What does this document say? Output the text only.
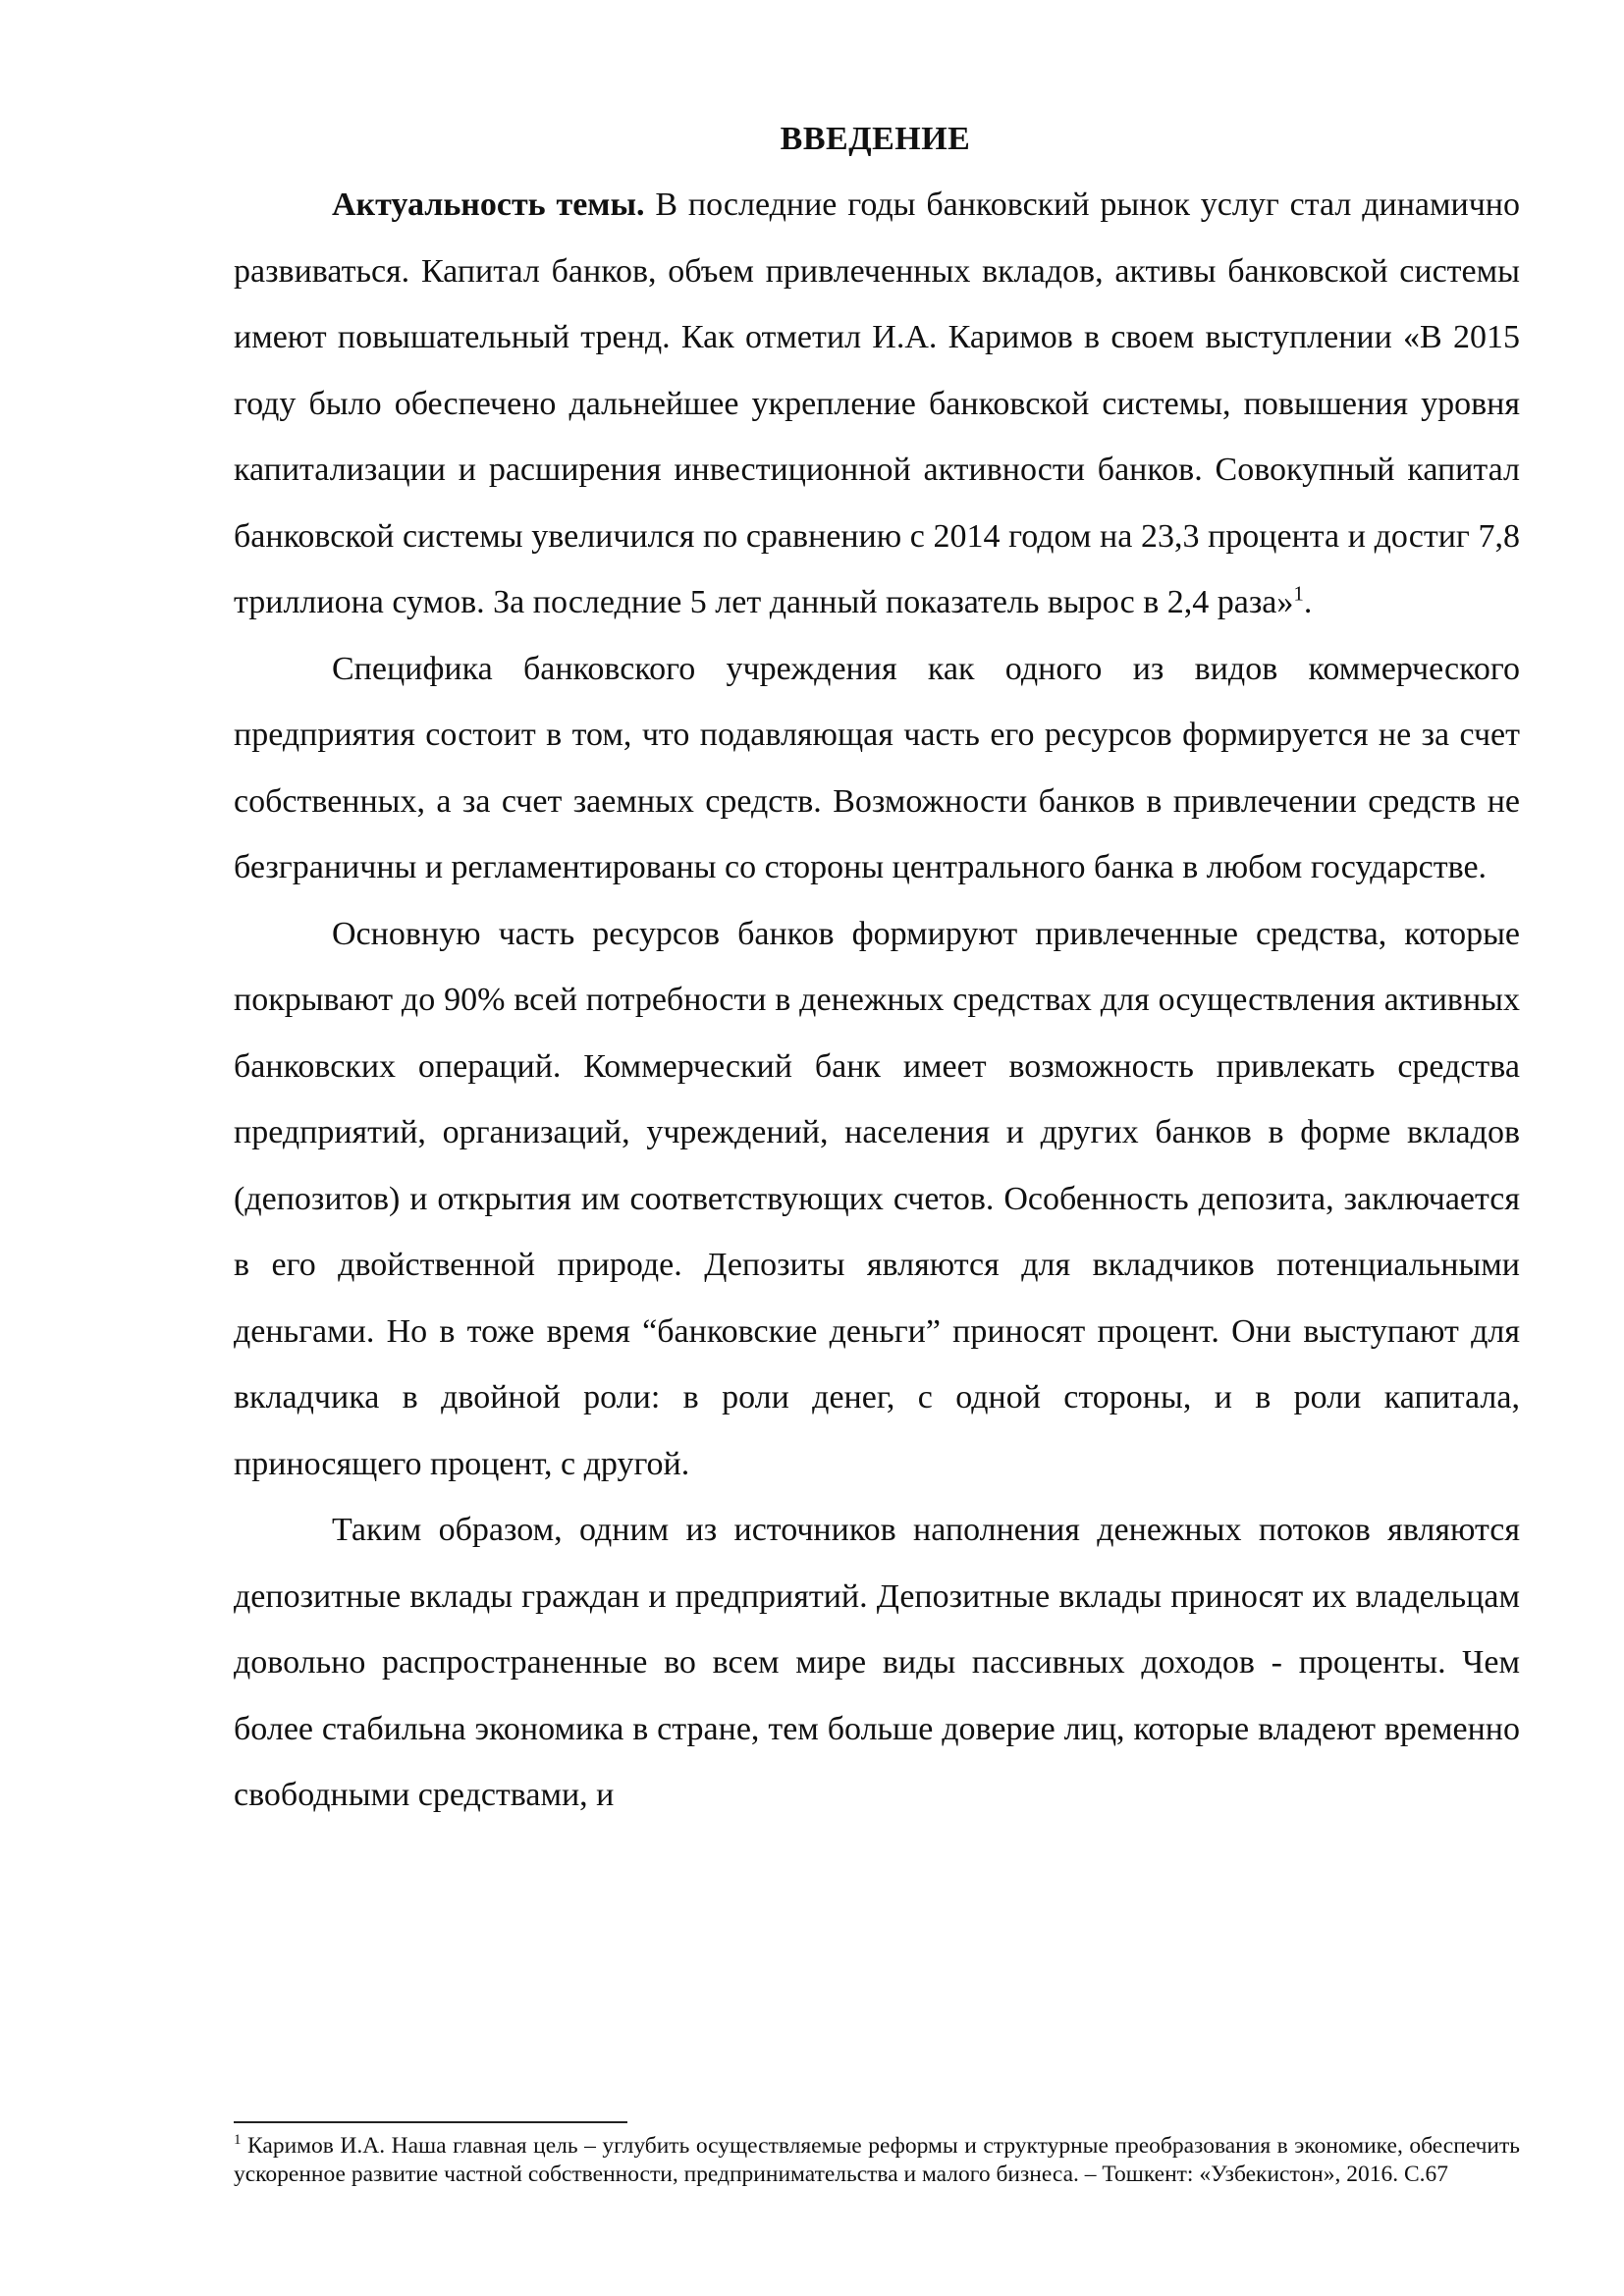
ВВЕДЕНИЕ

Актуальность темы. В последние годы банковский рынок услуг стал динамично развиваться. Капитал банков, объем привлеченных вкладов, активы банковской системы имеют повышательный тренд. Как отметил И.А. Каримов в своем выступлении «В 2015 году было обеспечено дальнейшее укрепление банковской системы, повышения уровня капитализации и расширения инвестиционной активности банков. Совокупный капитал банковской системы увеличился по сравнению с 2014 годом на 23,3 процента и достиг 7,8 триллиона сумов. За последние 5 лет данный показатель вырос в 2,4 раза»$^1$.

Специфика банковского учреждения как одного из видов коммерческого предприятия состоит в том, что подавляющая часть его ресурсов формируется не за счет собственных, а за счет заемных средств. Возможности банков в привлечении средств не безграничны и регламентированы со стороны центрального банка в любом государстве.

Основную часть ресурсов банков формируют привлеченные средства, которые покрывают до 90% всей потребности в денежных средствах для осуществления активных банковских операций. Коммерческий банк имеет возможность привлекать средства предприятий, организаций, учреждений, населения и других банков в форме вкладов (депозитов) и открытия им соответствующих счетов. Особенность депозита, заключается в его двойственной природе. Депозиты являются для вкладчиков потенциальными деньгами. Но в тоже время “банковские деньги” приносят процент. Они выступают для вкладчика в двойной роли: в роли денег, с одной стороны, и в роли капитала, приносящего процент, с другой.

Таким образом, одним из источников наполнения денежных потоков являются депозитные вклады граждан и предприятий. Депозитные вклады приносят их владельцам довольно распространенные во всем мире виды пассивных доходов - проценты. Чем более стабильна экономика в стране, тем больше доверие лиц, которые владеют временно свободными средствами, и

$^1$ Каримов И.А. Наша главная цель – углубить осуществляемые реформы и структурные преобразования в экономике, обеспечить ускоренное развитие частной собственности, предпринимательства и малого бизнеса. – Тошкент: «Узбекистон», 2016. С.67
